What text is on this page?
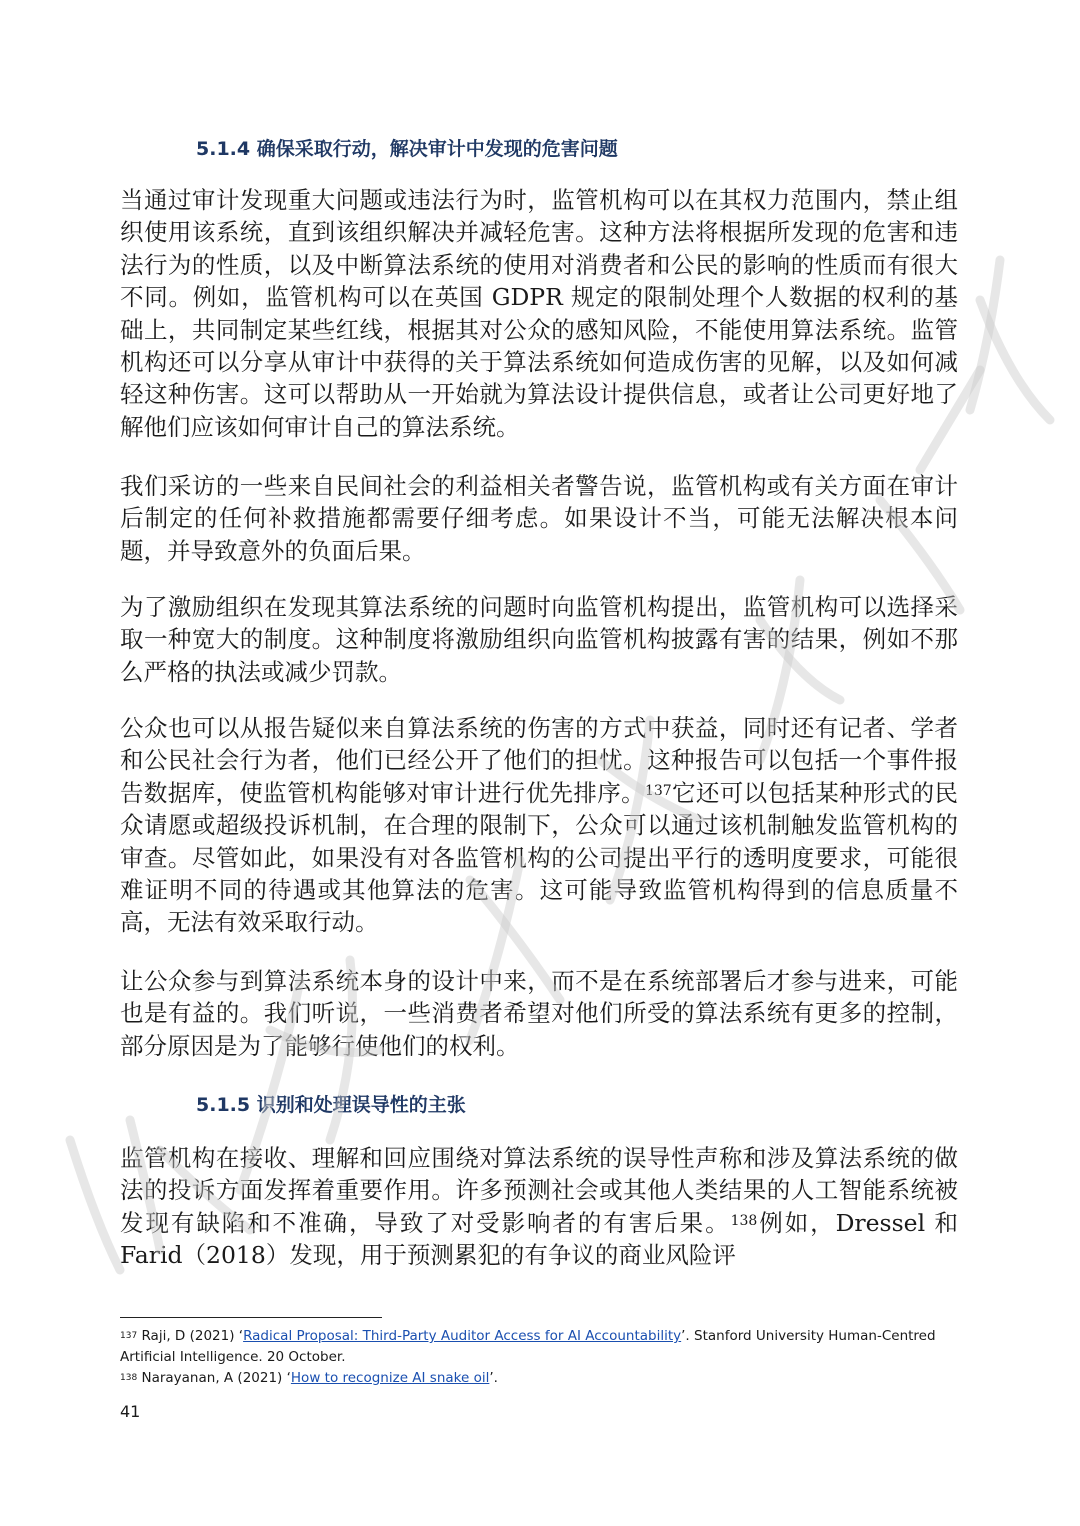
5.1.4 确保采取行动，解决审计中发现的危害问题

当通过审计发现重大问题或违法行为时，监管机构可以在其权力范围内，禁止组织使用该系统，直到该组织解决并减轻危害。这种方法将根据所发现的危害和违法行为的性质，以及中断算法系统的使用对消费者和公民的影响的性质而有很大不同。例如，监管机构可以在英国 GDPR 规定的限制处理个人数据的权利的基础上，共同制定某些红线，根据其对公众的感知风险，不能使用算法系统。监管机构还可以分享从审计中获得的关于算法系统如何造成伤害的见解，以及如何减轻这种伤害。这可以帮助从一开始就为算法设计提供信息，或者让公司更好地了解他们应该如何审计自己的算法系统。

我们采访的一些来自民间社会的利益相关者警告说，监管机构或有关方面在审计后制定的任何补救措施都需要仔细考虑。如果设计不当，可能无法解决根本问题，并导致意外的负面后果。

为了激励组织在发现其算法系统的问题时向监管机构提出，监管机构可以选择采取一种宽大的制度。这种制度将激励组织向监管机构披露有害的结果，例如不那么严格的执法或减少罚款。

公众也可以从报告疑似来自算法系统的伤害的方式中获益，同时还有记者、学者和公民社会行为者，他们已经公开了他们的担忧。这种报告可以包括一个事件报告数据库，使监管机构能够对审计进行优先排序。$^{137}$它还可以包括某种形式的民众请愿或超级投诉机制，在合理的限制下，公众可以通过该机制触发监管机构的审查。尽管如此，如果没有对各监管机构的公司提出平行的透明度要求，可能很难证明不同的待遇或其他算法的危害。这可能导致监管机构得到的信息质量不高，无法有效采取行动。

让公众参与到算法系统本身的设计中来，而不是在系统部署后才参与进来，可能也是有益的。我们听说，一些消费者希望对他们所受的算法系统有更多的控制，部分原因是为了能够行使他们的权利。

5.1.5 识别和处理误导性的主张

监管机构在接收、理解和回应围绕对算法系统的误导性声称和涉及算法系统的做法的投诉方面发挥着重要作用。许多预测社会或其他人类结果的人工智能系统被发现有缺陷和不准确，导致了对受影响者的有害后果。$^{138}$例如，Dressel 和 Farid（2018）发现，用于预测累犯的有争议的商业风险评

$^{137}$ Raji, D (2021) ‘Radical Proposal: Third-Party Auditor Access for AI Accountability’. Stanford University Human-Centred Artificial Intelligence. 20 October.

$^{138}$ Narayanan, A (2021) ‘How to recognize AI snake oil’.

41
